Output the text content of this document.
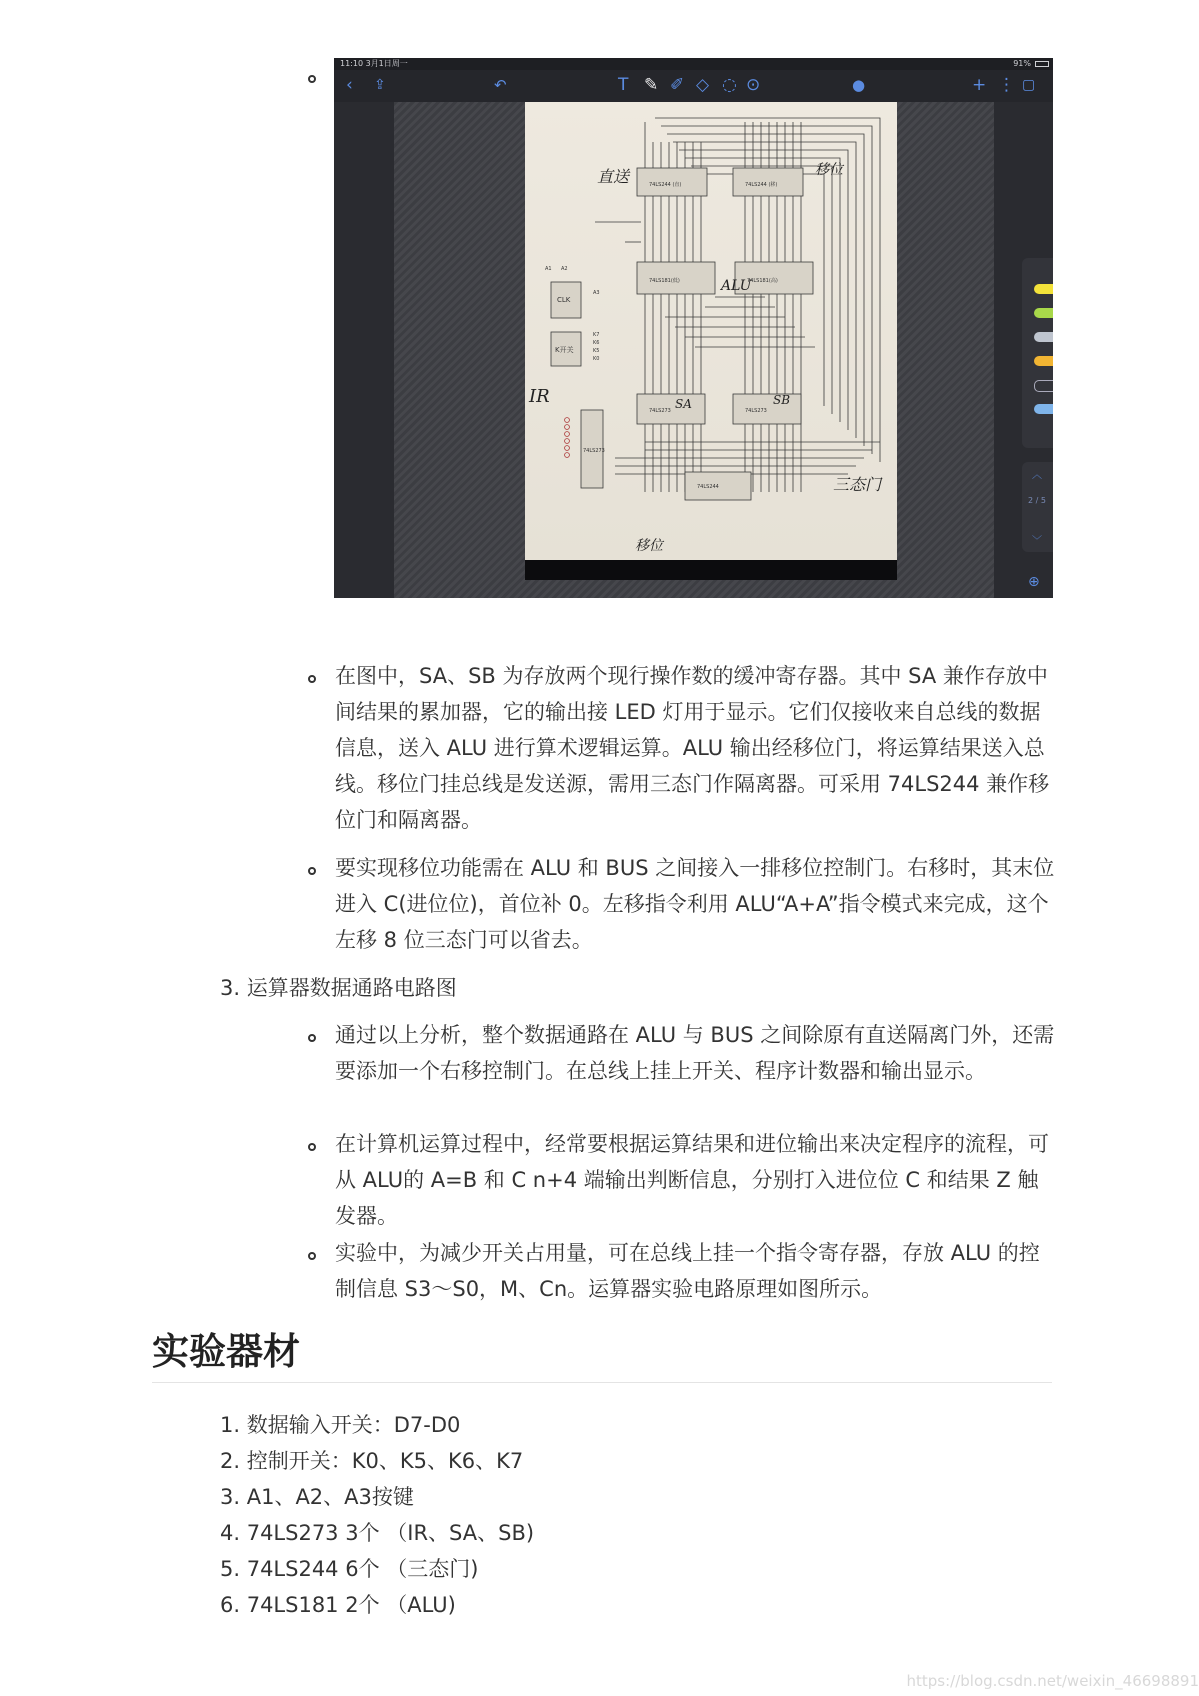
11:10 3月1日周一	91%
‹ ⇪	↶	T ✎ ✐ ◇ ◌ ⊙	●	+ ⋮ ▢
74LS244 (直)	74LS244 (移)
74LS181(低)	74LS181(高)
74LS273	74LS273
74LS273
74LS244
CLK
K开关
A1 A2
A3
K7
K6
K5
K0
直送	移位
ALU
IR	SA	SB
三态门
移位
︿
2 / 5
﹀
⊕
在图中，SA、SB 为存放两个现行操作数的缓冲寄存器。其中 SA 兼作存放中间结果的累加器，它的输出接 LED 灯用于显示。它们仅接收来自总线的数据信息，送入 ALU 进行算术逻辑运算。ALU 输出经移位门，将运算结果送入总线。移位门挂总线是发送源，需用三态门作隔离器。可采用 74LS244 兼作移位门和隔离器。
要实现移位功能需在 ALU 和 BUS 之间接入一排移位控制门。右移时，其末位进入 C(进位位)，首位补 0。左移指令利用 ALU“A+A”指令模式来完成，这个左移 8 位三态门可以省去。
3. 运算器数据通路电路图
通过以上分析，整个数据通路在 ALU 与 BUS 之间除原有直送隔离门外，还需要添加一个右移控制门。在总线上挂上开关、程序计数器和输出显示。
在计算机运算过程中，经常要根据运算结果和进位输出来决定程序的流程，可从 ALU的 A=B 和 C n+4 端输出判断信息，分别打入进位位 C 和结果 Z 触发器。
实验中，为减少开关占用量，可在总线上挂一个指令寄存器，存放 ALU 的控制信息 S3～S0，M、Cn。运算器实验电路原理如图所示。
实验器材
1. 数据输入开关：D7-D0
2. 控制开关：K0、K5、K6、K7
3. A1、A2、A3按键
4. 74LS273 3个 （IR、SA、SB)
5. 74LS244 6个 （三态门)
6. 74LS181 2个 （ALU)
https://blog.csdn.net/weixin_46698891
